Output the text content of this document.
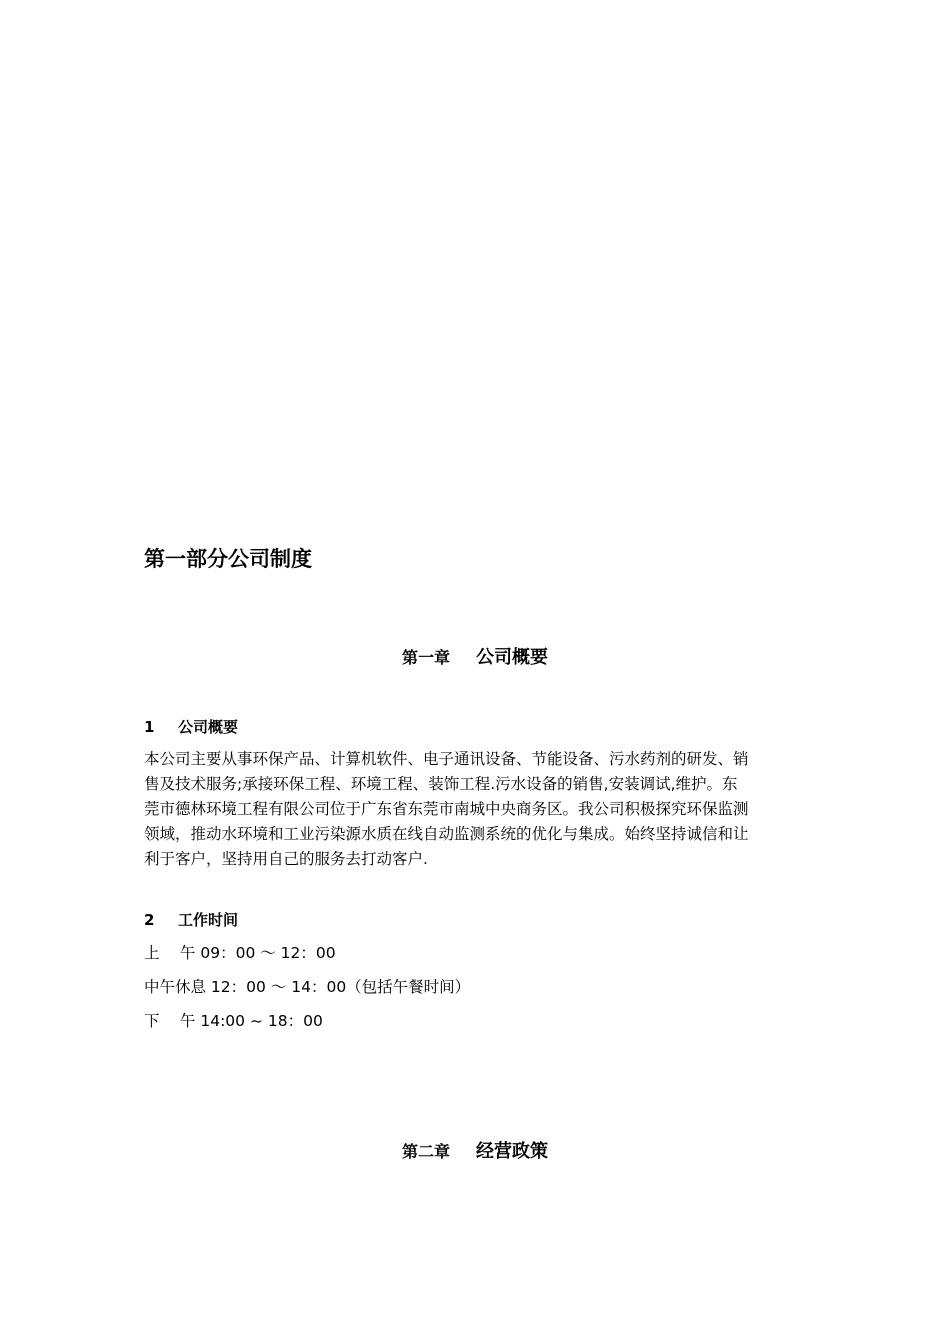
第一部分公司制度
第一章 公司概要
1 公司概要
本公司主要从事环保产品、计算机软件、电子通讯设备、节能设备、污水药剂的研发、销
售及技术服务;承接环保工程、环境工程、装饰工程.污水设备的销售,安装调试,维护。东
莞市德林环境工程有限公司位于广东省东莞市南城中央商务区。我公司积极探究环保监测
领域，推动水环境和工业污染源水质在线自动监测系统的优化与集成。始终坚持诚信和让
利于客户，坚持用自己的服务去打动客户.
2 工作时间
上　 午 09：00 ～ 12：00
中午休息 12：00 ～ 14：00（包括午餐时间）
下　 午 14:00 ~ 18：00
第二章 经营政策
